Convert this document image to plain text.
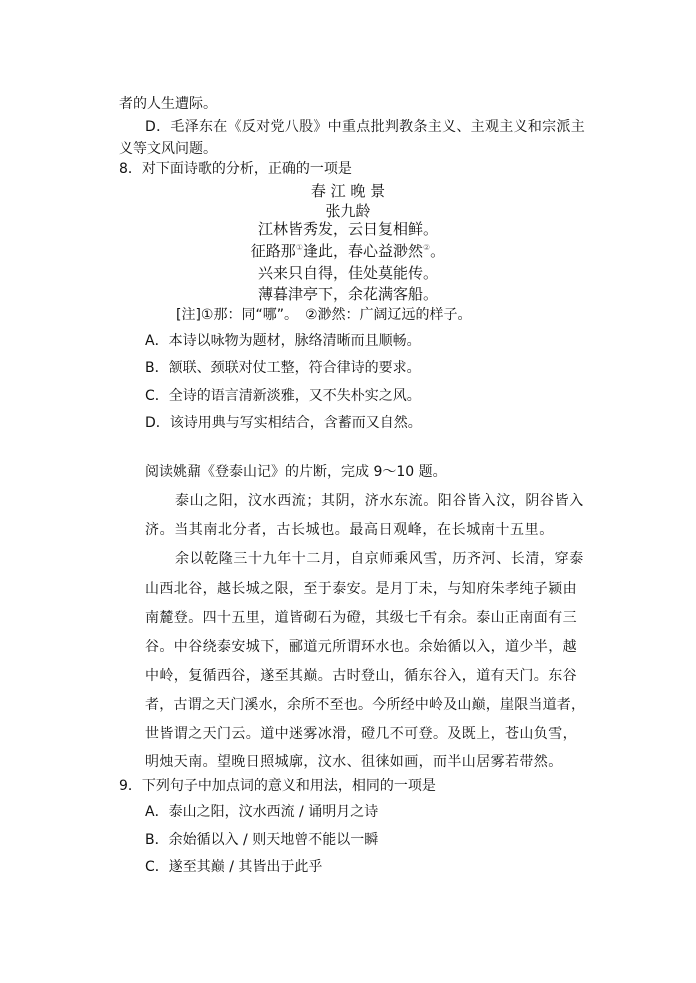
者的人生遭际。
D．毛泽东在《反对党八股》中重点批判教条主义、主观主义和宗派主
义等文风问题。
8．对下面诗歌的分析，正确的一项是
春 江 晚 景
张九龄
江林皆秀发，云日复相鲜。
征路那①逢此，春心益渺然②。
兴来只自得，佳处莫能传。
薄暮津亭下，余花满客船。
[注]①那：同“哪”。　②渺然：广阔辽远的样子。
A．本诗以咏物为题材，脉络清晰而且顺畅。
B．颔联、颈联对仗工整，符合律诗的要求。
C．全诗的语言清新淡雅，又不失朴实之风。
D．该诗用典与写实相结合，含蓄而又自然。
阅读姚鼐《登泰山记》的片断，完成 9～10 题。
泰山之阳，汶水西流；其阴，济水东流。阳谷皆入汶，阴谷皆入
济。当其南北分者，古长城也。最高日观峰，在长城南十五里。
余以乾隆三十九年十二月，自京师乘风雪，历齐河、长清，穿泰
山西北谷，越长城之限，至于泰安。是月丁未，与知府朱孝纯子颍由
南麓登。四十五里，道皆砌石为磴，其级七千有余。泰山正南面有三
谷。中谷绕泰安城下，郦道元所谓环水也。余始循以入，道少半，越
中岭，复循西谷，遂至其巅。古时登山，循东谷入，道有天门。东谷
者，古谓之天门溪水，余所不至也。今所经中岭及山巅，崖限当道者，
世皆谓之天门云。道中迷雾冰滑，磴几不可登。及既上，苍山负雪，
明烛天南。望晚日照城廓，汶水、徂徕如画，而半山居雾若带然。
9．下列句子中加点词的意义和用法，相同的一项是
A．泰山之阳，汶水西流 / 诵明月之诗
B．余始循以入 / 则天地曾不能以一瞬
C．遂至其巅 / 其皆出于此乎
